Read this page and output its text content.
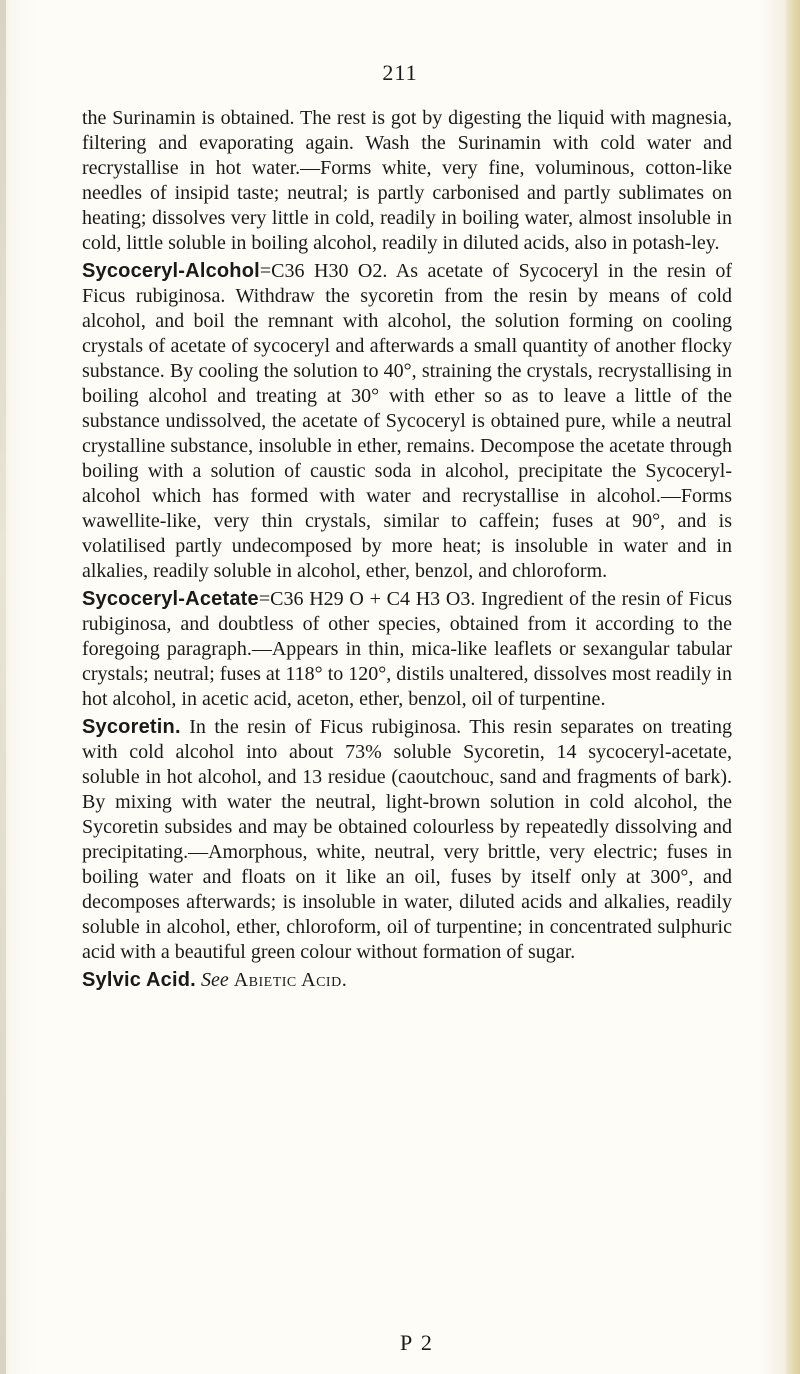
211

the Surinamin is obtained. The rest is got by digesting the liquid with magnesia, filtering and evaporating again. Wash the Surinamin with cold water and recrystallise in hot water.—Forms white, very fine, voluminous, cotton-like needles of insipid taste; neutral; is partly carbonised and partly sublimates on heating; dissolves very little in cold, readily in boiling water, almost insoluble in cold, little soluble in boiling alcohol, readily in diluted acids, also in potash-ley.

Sycoceryl-Alcohol=C36 H30 O2. As acetate of Sycoceryl in the resin of Ficus rubiginosa. Withdraw the sycoretin from the resin by means of cold alcohol, and boil the remnant with alcohol, the solution forming on cooling crystals of acetate of sycoceryl and afterwards a small quantity of another flocky substance. By cooling the solution to 40°, straining the crystals, recrystallising in boiling alcohol and treating at 30° with ether so as to leave a little of the substance undissolved, the acetate of Sycoceryl is obtained pure, while a neutral crystalline substance, insoluble in ether, remains. Decompose the acetate through boiling with a solution of caustic soda in alcohol, precipitate the Sycoceryl-alcohol which has formed with water and recrystallise in alcohol.—Forms wawellite-like, very thin crystals, similar to caffein; fuses at 90°, and is volatilised partly undecomposed by more heat; is insoluble in water and in alkalies, readily soluble in alcohol, ether, benzol, and chloroform.

Sycoceryl-Acetate=C36 H29 O + C4 H3 O3. Ingredient of the resin of Ficus rubiginosa, and doubtless of other species, obtained from it according to the foregoing paragraph.—Appears in thin, mica-like leaflets or sexangular tabular crystals; neutral; fuses at 118° to 120°, distils unaltered, dissolves most readily in hot alcohol, in acetic acid, aceton, ether, benzol, oil of turpentine.

Sycoretin. In the resin of Ficus rubiginosa. This resin separates on treating with cold alcohol into about 73% soluble Sycoretin, 14 sycoceryl-acetate, soluble in hot alcohol, and 13 residue (caoutchouc, sand and fragments of bark). By mixing with water the neutral, light-brown solution in cold alcohol, the Sycoretin subsides and may be obtained colourless by repeatedly dissolving and precipitating.—Amorphous, white, neutral, very brittle, very electric; fuses in boiling water and floats on it like an oil, fuses by itself only at 300°, and decomposes afterwards; is insoluble in water, diluted acids and alkalies, readily soluble in alcohol, ether, chloroform, oil of turpentine; in concentrated sulphuric acid with a beautiful green colour without formation of sugar.

Sylvic Acid. See Abietic Acid.

P 2
